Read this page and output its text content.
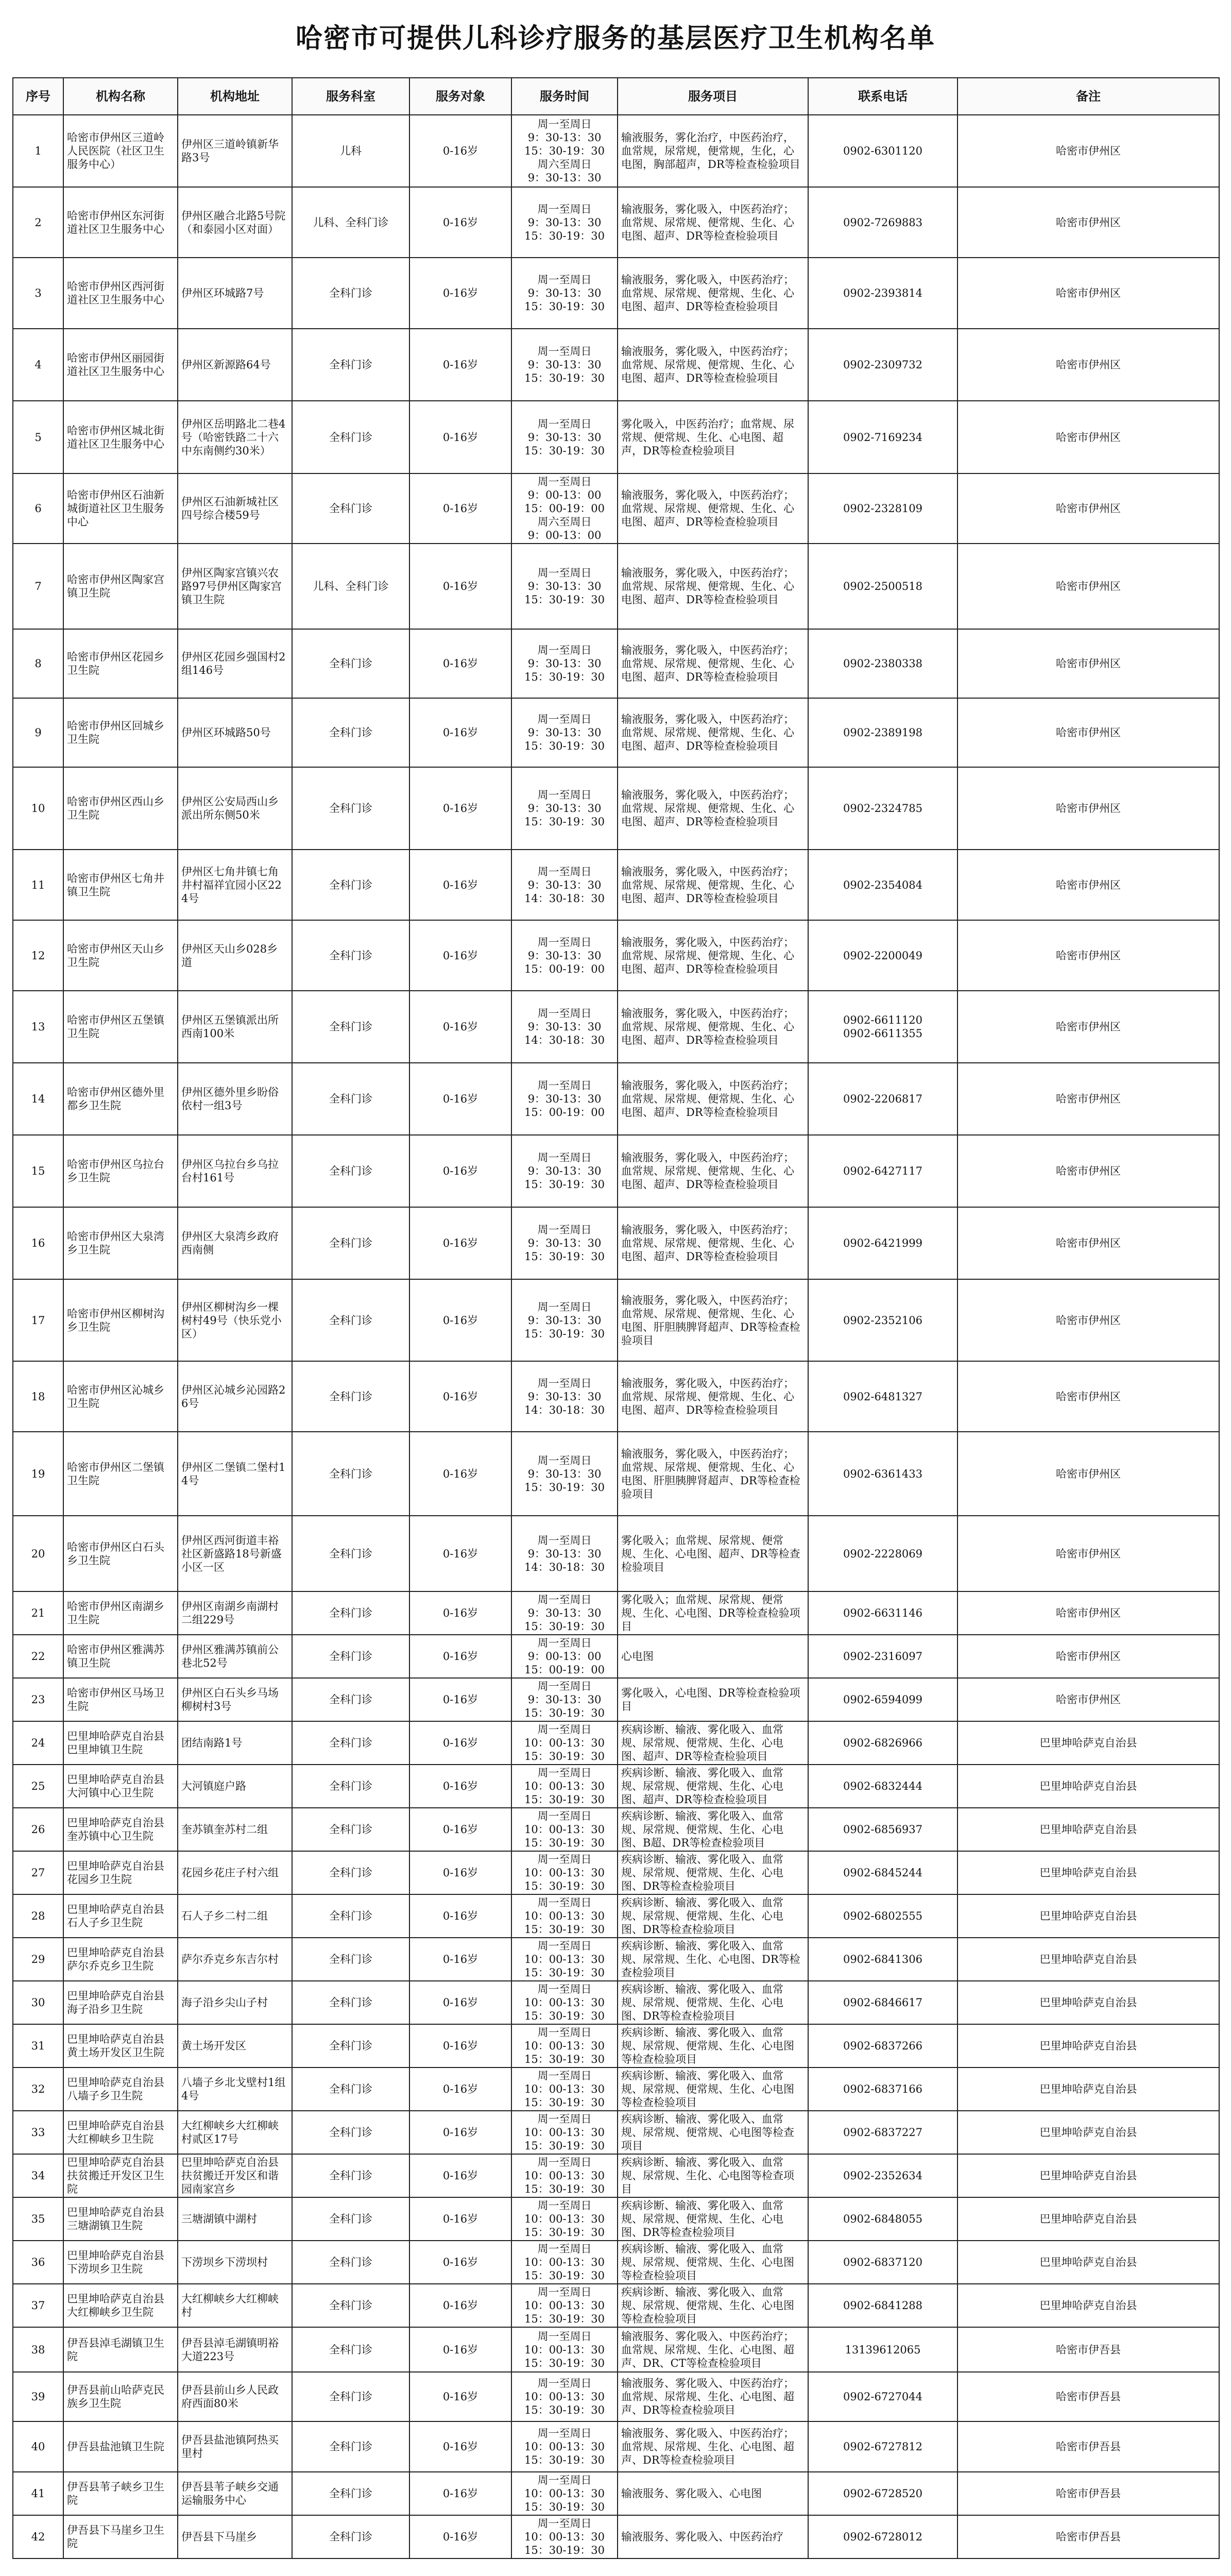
哈密市可提供儿科诊疗服务的基层医疗卫生机构名单
序号	机构名称	机构地址	服务科室	服务对象	服务时间	服务项目	联系电话	备注
1	哈密市伊州区三道岭人民医院（社区卫生服务中心）	伊州区三道岭镇新华路3号	儿科	0-16岁	周一至周日
9：30-13：30
15：30-19：30
周六至周日
9：30-13：30	输液服务，雾化治疗，中医药治疗，血常规，尿常规，便常规，生化，心电图，胸部超声，DR等检查检验项目	0902-6301120	哈密市伊州区
2	哈密市伊州区东河街道社区卫生服务中心	伊州区融合北路5号院（和泰园小区对面）	儿科、全科门诊	0-16岁	周一至周日
9：30-13：30
15：30-19：30	输液服务，雾化吸入，中医药治疗；血常规、尿常规、便常规、生化、心电图、超声、DR等检查检验项目	0902-7269883	哈密市伊州区
3	哈密市伊州区西河街道社区卫生服务中心	伊州区环城路7号	全科门诊	0-16岁	周一至周日
9：30-13：30
15：30-19：30	输液服务，雾化吸入，中医药治疗；血常规、尿常规、便常规、生化、心电图、超声、DR等检查检验项目	0902-2393814	哈密市伊州区
4	哈密市伊州区丽园街道社区卫生服务中心	伊州区新源路64号	全科门诊	0-16岁	周一至周日
9：30-13：30
15：30-19：30	输液服务，雾化吸入，中医药治疗；血常规、尿常规、便常规、生化、心电图、超声、DR等检查检验项目	0902-2309732	哈密市伊州区
5	哈密市伊州区城北街道社区卫生服务中心	伊州区岳明路北二巷4号（哈密铁路二十六中东南侧约30米）	全科门诊	0-16岁	周一至周日
9：30-13：30
15：30-19：30	雾化吸入，中医药治疗；血常规、尿常规、便常规、生化、心电图、超声，DR等检查检验项目	0902-7169234	哈密市伊州区
6	哈密市伊州区石油新城街道社区卫生服务中心	伊州区石油新城社区四号综合楼59号	全科门诊	0-16岁	周一至周日
9：00-13：00
15：00-19：00
周六至周日
9：00-13：00	输液服务，雾化吸入，中医药治疗；血常规、尿常规、便常规、生化、心电图、超声、DR等检查检验项目	0902-2328109	哈密市伊州区
7	哈密市伊州区陶家宫镇卫生院	伊州区陶家宫镇兴农路97号伊州区陶家宫镇卫生院	儿科、全科门诊	0-16岁	周一至周日
9：30-13：30
15：30-19：30	输液服务，雾化吸入，中医药治疗；血常规、尿常规、便常规、生化、心电图、超声、DR等检查检验项目	0902-2500518	哈密市伊州区
8	哈密市伊州区花园乡卫生院	伊州区花园乡强国村2组146号	全科门诊	0-16岁	周一至周日
9：30-13：30
15：30-19：30	输液服务，雾化吸入，中医药治疗；血常规、尿常规、便常规、生化、心电图、超声、DR等检查检验项目	0902-2380338	哈密市伊州区
9	哈密市伊州区回城乡卫生院	伊州区环城路50号	全科门诊	0-16岁	周一至周日
9：30-13：30
15：30-19：30	输液服务，雾化吸入，中医药治疗；血常规、尿常规、便常规、生化、心电图、超声、DR等检查检验项目	0902-2389198	哈密市伊州区
10	哈密市伊州区西山乡卫生院	伊州区公安局西山乡派出所东侧50米	全科门诊	0-16岁	周一至周日
9：30-13：30
15：30-19：30	输液服务，雾化吸入，中医药治疗；血常规、尿常规、便常规、生化、心电图、超声、DR等检查检验项目	0902-2324785	哈密市伊州区
11	哈密市伊州区七角井镇卫生院	伊州区七角井镇七角井村福祥宜园小区224号	全科门诊	0-16岁	周一至周日
9：30-13：30
14：30-18：30	输液服务，雾化吸入，中医药治疗；血常规、尿常规、便常规、生化、心电图、超声、DR等检查检验项目	0902-2354084	哈密市伊州区
12	哈密市伊州区天山乡卫生院	伊州区天山乡028乡道	全科门诊	0-16岁	周一至周日
9：30-13：30
15：00-19：00	输液服务，雾化吸入，中医药治疗；血常规、尿常规、便常规、生化、心电图、超声、DR等检查检验项目	0902-2200049	哈密市伊州区
13	哈密市伊州区五堡镇卫生院	伊州区五堡镇派出所西南100米	全科门诊	0-16岁	周一至周日
9：30-13：30
14：30-18：30	输液服务，雾化吸入，中医药治疗；血常规、尿常规、便常规、生化、心电图、超声、DR等检查检验项目	0902-6611120
0902-6611355	哈密市伊州区
14	哈密市伊州区德外里都乡卫生院	伊州区德外里乡盼俗依村一组3号	全科门诊	0-16岁	周一至周日
9：30-13：30
15：00-19：00	输液服务，雾化吸入，中医药治疗；血常规、尿常规、便常规、生化、心电图、超声、DR等检查检验项目	0902-2206817	哈密市伊州区
15	哈密市伊州区乌拉台乡卫生院	伊州区乌拉台乡乌拉台村161号	全科门诊	0-16岁	周一至周日
9：30-13：30
15：30-19：30	输液服务，雾化吸入，中医药治疗；血常规、尿常规、便常规、生化、心电图、超声、DR等检查检验项目	0902-6427117	哈密市伊州区
16	哈密市伊州区大泉湾乡卫生院	伊州区大泉湾乡政府西南侧	全科门诊	0-16岁	周一至周日
9：30-13：30
15：30-19：30	输液服务，雾化吸入，中医药治疗；血常规、尿常规、便常规、生化、心电图、超声、DR等检查检验项目	0902-6421999	哈密市伊州区
17	哈密市伊州区柳树沟乡卫生院	伊州区柳树沟乡一棵树村49号（快乐党小区）	全科门诊	0-16岁	周一至周日
9：30-13：30
15：30-19：30	输液服务，雾化吸入，中医药治疗；血常规、尿常规、便常规、生化、心电图、肝胆胰脾肾超声、DR等检查检验项目	0902-2352106	哈密市伊州区
18	哈密市伊州区沁城乡卫生院	伊州区沁城乡沁园路26号	全科门诊	0-16岁	周一至周日
9：30-13：30
14：30-18：30	输液服务，雾化吸入，中医药治疗；血常规、尿常规、便常规、生化、心电图、超声、DR等检查检验项目	0902-6481327	哈密市伊州区
19	哈密市伊州区二堡镇卫生院	伊州区二堡镇二堡村14号	全科门诊	0-16岁	周一至周日
9：30-13：30
15：30-19：30	输液服务，雾化吸入，中医药治疗；血常规、尿常规、便常规、生化、心电图、肝胆胰脾肾超声、DR等检查检验项目	0902-6361433	哈密市伊州区
20	哈密市伊州区白石头乡卫生院	伊州区西河街道丰裕社区新盛路18号新盛小区一区	全科门诊	0-16岁	周一至周日
9：30-13：30
14：30-18：30	雾化吸入；血常规、尿常规、便常规、生化、心电图、超声、DR等检查检验项目	0902-2228069	哈密市伊州区
21	哈密市伊州区南湖乡卫生院	伊州区南湖乡南湖村二组229号	全科门诊	0-16岁	周一至周日
9：30-13：30
15：30-19：30	雾化吸入；血常规、尿常规、便常规、生化、心电图、DR等检查检验项目	0902-6631146	哈密市伊州区
22	哈密市伊州区雅满苏镇卫生院	伊州区雅满苏镇前公巷北52号	全科门诊	0-16岁	周一至周日
9：00-13：00
15：00-19：00	心电图	0902-2316097	哈密市伊州区
23	哈密市伊州区马场卫生院	伊州区白石头乡马场柳树村3号	全科门诊	0-16岁	周一至周日
9：30-13：30
15：30-19：30	雾化吸入，心电图、DR等检查检验项目	0902-6594099	哈密市伊州区
24	巴里坤哈萨克自治县巴里坤镇卫生院	团结南路1号	全科门诊	0-16岁	周一至周日
10：00-13：30
15：30-19：30	疾病诊断、输液、雾化吸入、血常规、尿常规、便常规、生化、心电图、超声、DR等检查检验项目	0902-6826966	巴里坤哈萨克自治县
25	巴里坤哈萨克自治县大河镇中心卫生院	大河镇庭户路	全科门诊	0-16岁	周一至周日
10：00-13：30
15：30-19：30	疾病诊断、输液、雾化吸入、血常规、尿常规、便常规、生化、心电图、超声、DR等检查检验项目	0902-6832444	巴里坤哈萨克自治县
26	巴里坤哈萨克自治县奎苏镇中心卫生院	奎苏镇奎苏村二组	全科门诊	0-16岁	周一至周日
10：00-13：30
15：30-19：30	疾病诊断、输液、雾化吸入、血常规、尿常规、便常规、生化、心电图、B超、DR等检查检验项目	0902-6856937	巴里坤哈萨克自治县
27	巴里坤哈萨克自治县花园乡卫生院	花园乡花庄子村六组	全科门诊	0-16岁	周一至周日
10：00-13：30
15：30-19：30	疾病诊断、输液、雾化吸入、血常规、尿常规、便常规、生化、心电图、DR等检查检验项目	0902-6845244	巴里坤哈萨克自治县
28	巴里坤哈萨克自治县石人子乡卫生院	石人子乡二村二组	全科门诊	0-16岁	周一至周日
10：00-13：30
15：30-19：30	疾病诊断、输液、雾化吸入、血常规、尿常规、便常规、生化、心电图、DR等检查检验项目	0902-6802555	巴里坤哈萨克自治县
29	巴里坤哈萨克自治县萨尔乔克乡卫生院	萨尔乔克乡东吉尔村	全科门诊	0-16岁	周一至周日
10：00-13：30
15：30-19：30	疾病诊断、输液、雾化吸入、血常规、尿常规、生化、心电图、DR等检查检验项目	0902-6841306	巴里坤哈萨克自治县
30	巴里坤哈萨克自治县海子沿乡卫生院	海子沿乡尖山子村	全科门诊	0-16岁	周一至周日
10：00-13：30
15：30-19：30	疾病诊断、输液、雾化吸入、血常规、尿常规、便常规、生化、心电图、DR等检查检验项目	0902-6846617	巴里坤哈萨克自治县
31	巴里坤哈萨克自治县黄土场开发区卫生院	黄土场开发区	全科门诊	0-16岁	周一至周日
10：00-13：30
15：30-19：30	疾病诊断、输液、雾化吸入、血常规、尿常规、便常规、生化、心电图等检查检验项目	0902-6837266	巴里坤哈萨克自治县
32	巴里坤哈萨克自治县八墙子乡卫生院	八墙子乡北戈壁村1组4号	全科门诊	0-16岁	周一至周日
10：00-13：30
15：30-19：30	疾病诊断、输液、雾化吸入、血常规、尿常规、便常规、生化、心电图等检查检验项目	0902-6837166	巴里坤哈萨克自治县
33	巴里坤哈萨克自治县大红柳峡乡卫生院	大红柳峡乡大红柳峡村贰区17号	全科门诊	0-16岁	周一至周日
10：00-13：30
15：30-19：30	疾病诊断、输液、雾化吸入、血常规、尿常规、便常规、心电图等检查项目	0902-6837227	巴里坤哈萨克自治县
34	巴里坤哈萨克自治县扶贫搬迁开发区卫生院	巴里坤哈萨克自治县扶贫搬迁开发区和谐园南家宫乡	全科门诊	0-16岁	周一至周日
10：00-13：30
15：30-19：30	疾病诊断、输液、雾化吸入、血常规、尿常规、生化、心电图等检查项目	0902-2352634	巴里坤哈萨克自治县
35	巴里坤哈萨克自治县三塘湖镇卫生院	三塘湖镇中湖村	全科门诊	0-16岁	周一至周日
10：00-13：30
15：30-19：30	疾病诊断、输液、雾化吸入、血常规、尿常规、便常规、生化、心电图、DR等检查检验项目	0902-6848055	巴里坤哈萨克自治县
36	巴里坤哈萨克自治县下涝坝乡卫生院	下涝坝乡下涝坝村	全科门诊	0-16岁	周一至周日
10：00-13：30
15：30-19：30	疾病诊断、输液、雾化吸入、血常规、尿常规、便常规、生化、心电图等检查检验项目	0902-6837120	巴里坤哈萨克自治县
37	巴里坤哈萨克自治县大红柳峡乡卫生院	大红柳峡乡大红柳峡村	全科门诊	0-16岁	周一至周日
10：00-13：30
15：30-19：30	疾病诊断、输液、雾化吸入、血常规、尿常规、便常规、生化、心电图等检查检验项目	0902-6841288	巴里坤哈萨克自治县
38	伊吾县淖毛湖镇卫生院	伊吾县淖毛湖镇明裕大道223号	全科门诊	0-16岁	周一至周日
10：00-13：30
15：30-19：30	输液服务、雾化吸入、中医药治疗；血常规、尿常规、生化、心电图、超声、DR、CT等检查检验项目	13139612065	哈密市伊吾县
39	伊吾县前山哈萨克民族乡卫生院	伊吾县前山乡人民政府西面80米	全科门诊	0-16岁	周一至周日
10：00-13：30
15：30-19：30	输液服务、雾化吸入、中医药治疗；血常规、尿常规、生化、心电图、超声、DR等检查检验项目	0902-6727044	哈密市伊吾县
40	伊吾县盐池镇卫生院	伊吾县盐池镇阿热买里村	全科门诊	0-16岁	周一至周日
10：00-13：30
15：30-19：30	输液服务、雾化吸入、中医药治疗；血常规、尿常规、生化、心电图、超声、DR等检查检验项目	0902-6727812	哈密市伊吾县
41	伊吾县苇子峡乡卫生院	伊吾县苇子峡乡交通运输服务中心	全科门诊	0-16岁	周一至周日
10：00-13：30
15：30-19：30	输液服务、雾化吸入、心电图	0902-6728520	哈密市伊吾县
42	伊吾县下马崖乡卫生院	伊吾县下马崖乡	全科门诊	0-16岁	周一至周日
10：00-13：30
15：30-19：30	输液服务、雾化吸入、中医药治疗	0902-6728012	哈密市伊吾县
